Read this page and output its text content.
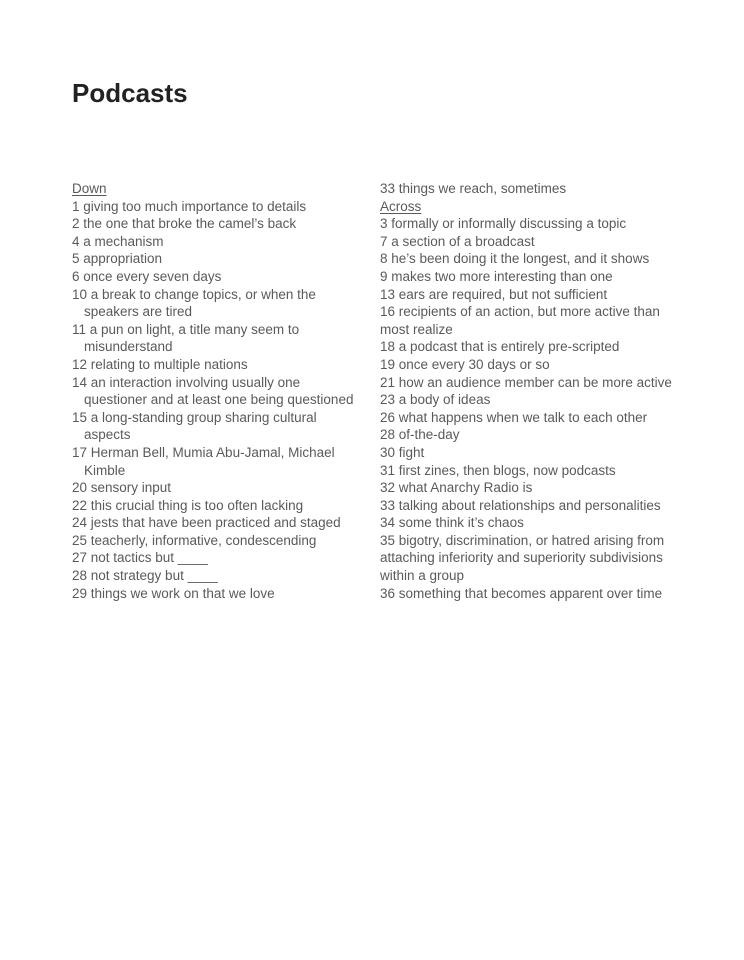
Podcasts
Down

1 giving too much importance to details

2 the one that broke the camel’s back

4 a mechanism

5 appropriation

6 once every seven days

10 a break to change topics, or when the speakers are tired

11 a pun on light, a title many seem to misunderstand

12 relating to multiple nations

14 an interaction involving usually one questioner and at least one being questioned

15 a long-standing group sharing cultural aspects

17 Herman Bell, Mumia Abu-Jamal, Michael Kimble

20 sensory input

22 this crucial thing is too often lacking

24 jests that have been practiced and staged

25 teacherly, informative, condescending

27 not tactics but ____

28 not strategy but ____

29 things we work on that we love

33 things we reach, sometimes

Across

3 formally or informally discussing a topic

7 a section of a broadcast

8 he’s been doing it the longest, and it shows

9 makes two more interesting than one

13 ears are required, but not sufficient

16 recipients of an action, but more active than most realize

18 a podcast that is entirely pre-scripted

19 once every 30 days or so

21 how an audience member can be more active

23 a body of ideas

26 what happens when we talk to each other

28 of-the-day

30 fight

31 first zines, then blogs, now podcasts

32 what Anarchy Radio is

33 talking about relationships and personalities

34 some think it’s chaos

35 bigotry, discrimination, or hatred arising from attaching inferiority and superiority subdivisions within a group

36 something that becomes apparent over time
